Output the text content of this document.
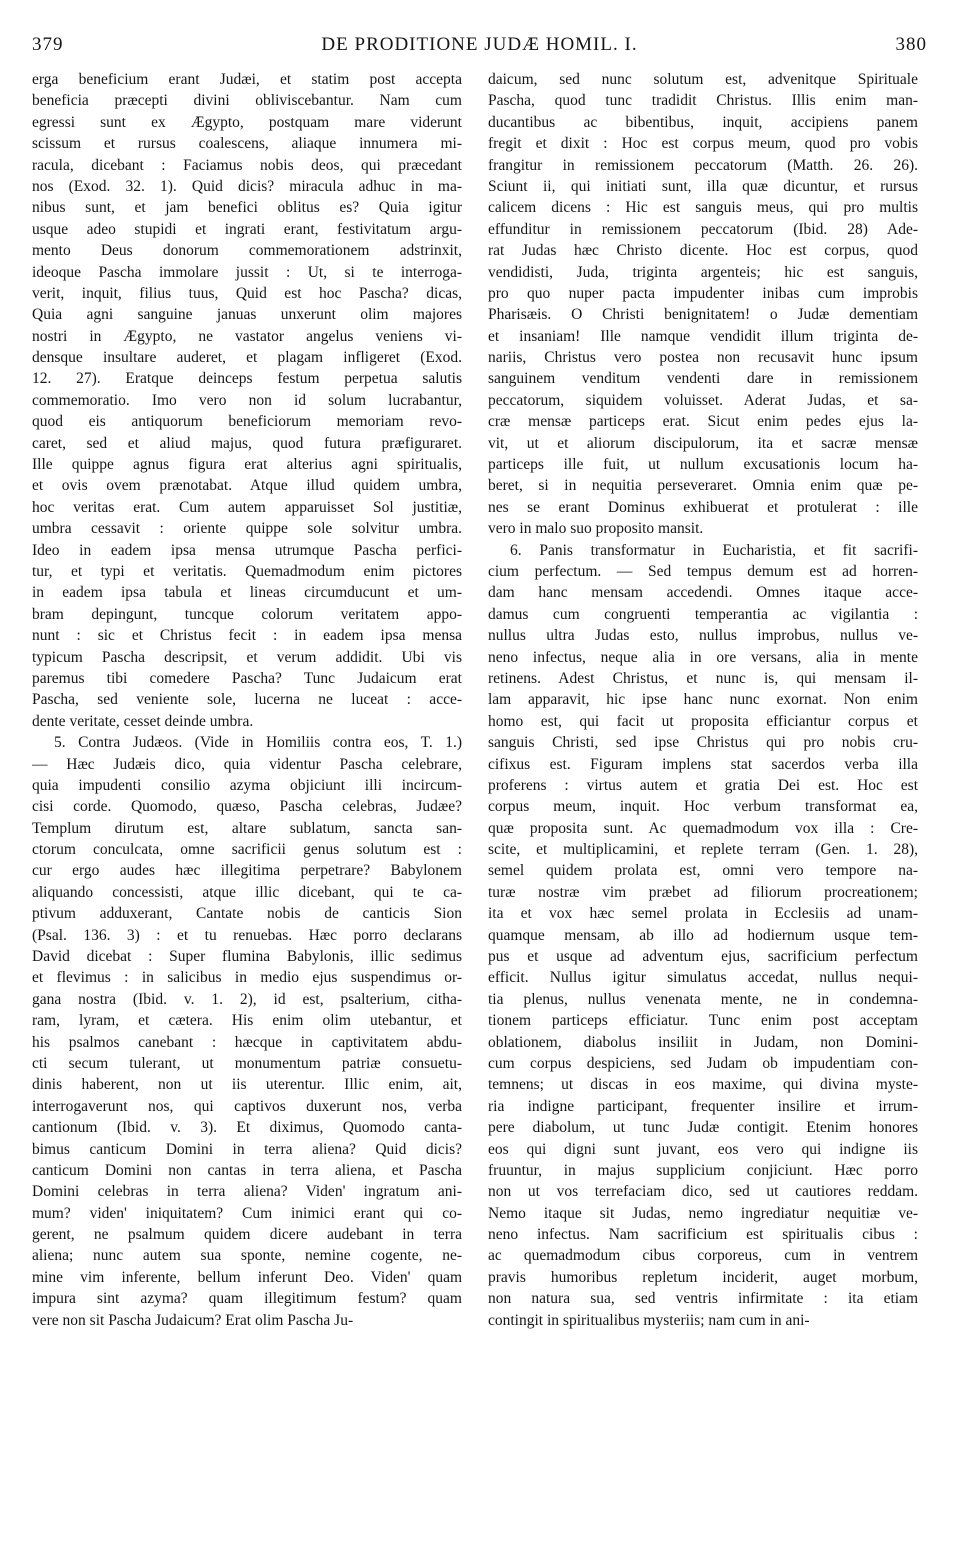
379	DE PRODITIONE JUDÆ HOMIL. I.	380
erga beneficium erant Judæi, et statim post accepta
beneficia præcepti divini obliviscebantur. Nam cum
egressi sunt ex Ægypto, postquam mare viderunt
scissum et rursus coalescens, aliaque innumera mi-
racula, dicebant : Faciamus nobis deos, qui præcedant
nos (Exod. 32. 1). Quid dicis? miracula adhuc in ma-
nibus sunt, et jam benefici oblitus es? Quia igitur
usque adeo stupidi et ingrati erant, festivitatum argu-
mento Deus donorum commemorationem adstrinxit,
ideoque Pascha immolare jussit : Ut, si te interroga-
verit, inquit, filius tuus, Quid est hoc Pascha? dicas,
Quia agni sanguine januas unxerunt olim majores
nostri in Ægypto, ne vastator angelus veniens vi-
densque insultare auderet, et plagam infligeret (Exod.
12. 27). Eratque deinceps festum perpetua salutis
commemoratio. Imo vero non id solum lucrabantur,
quod eis antiquorum beneficiorum memoriam revo-
caret, sed et aliud majus, quod futura præfiguraret.
Ille quippe agnus figura erat alterius agni spiritualis,
et ovis ovem prænotabat. Atque illud quidem umbra,
hoc veritas erat. Cum autem apparuisset Sol justitiæ,
umbra cessavit : oriente quippe sole solvitur umbra.
Ideo in eadem ipsa mensa utrumque Pascha perfici-
tur, et typi et veritatis. Quemadmodum enim pictores
in eadem ipsa tabula et lineas circumducunt et um-
bram depingunt, tuncque colorum veritatem appo-
nunt : sic et Christus fecit : in eadem ipsa mensa
typicum Pascha descripsit, et verum addidit. Ubi vis
paremus tibi comedere Pascha? Tunc Judaicum erat
Pascha, sed veniente sole, lucerna ne luceat : acce-
dente veritate, cesset deinde umbra.
5. Contra Judæos. (Vide in Homiliis contra eos, T. 1.)
— Hæc Judæis dico, quia videntur Pascha celebrare,
quia impudenti consilio azyma objiciunt illi incircum-
cisi corde. Quomodo, quæso, Pascha celebras, Judæe?
Templum dirutum est, altare sublatum, sancta san-
ctorum conculcata, omne sacrificii genus solutum est :
cur ergo audes hæc illegitima perpetrare? Babylonem
aliquando concessisti, atque illic dicebant, qui te ca-
ptivum adduxerant, Cantate nobis de canticis Sion
(Psal. 136. 3) : et tu renuebas. Hæc porro declarans
David dicebat : Super flumina Babylonis, illic sedimus
et flevimus : in salicibus in medio ejus suspendimus or-
gana nostra (Ibid. v. 1. 2), id est, psalterium, citha-
ram, lyram, et cætera. His enim olim utebantur, et
his psalmos canebant : hæcque in captivitatem abdu-
cti secum tulerant, ut monumentum patriæ consuetu-
dinis haberent, non ut iis uterentur. Illic enim, ait,
interrogaverunt nos, qui captivos duxerunt nos, verba
cantionum (Ibid. v. 3). Et diximus, Quomodo canta-
bimus canticum Domini in terra aliena? Quid dicis?
canticum Domini non cantas in terra aliena, et Pascha
Domini celebras in terra aliena? Viden' ingratum ani-
mum? viden' iniquitatem? Cum inimici erant qui co-
gerent, ne psalmum quidem dicere audebant in terra
aliena; nunc autem sua sponte, nemine cogente, ne-
mine vim inferente, bellum inferunt Deo. Viden' quam
impura sint azyma? quam illegitimum festum? quam
vere non sit Pascha Judaicum? Erat olim Pascha Ju-
daicum, sed nunc solutum est, advenitque Spirituale
Pascha, quod tunc tradidit Christus. Illis enim man-
ducantibus ac bibentibus, inquit, accipiens panem
fregit et dixit : Hoc est corpus meum, quod pro vobis
frangitur in remissionem peccatorum (Matth. 26. 26).
Sciunt ii, qui initiati sunt, illa quæ dicuntur, et rursus
calicem dicens : Hic est sanguis meus, qui pro multis
effunditur in remissionem peccatorum (Ibid. 28) Ade-
rat Judas hæc Christo dicente. Hoc est corpus, quod
vendidisti, Juda, triginta argenteis; hic est sanguis,
pro quo nuper pacta impudenter inibas cum improbis
Pharisæis. O Christi benignitatem! o Judæ dementiam
et insaniam! Ille namque vendidit illum triginta de-
nariis, Christus vero postea non recusavit hunc ipsum
sanguinem venditum vendenti dare in remissionem
peccatorum, siquidem voluisset. Aderat Judas, et sa-
cræ mensæ particeps erat. Sicut enim pedes ejus la-
vit, ut et aliorum discipulorum, ita et sacræ mensæ
particeps ille fuit, ut nullum excusationis locum ha-
beret, si in nequitia perseveraret. Omnia enim quæ pe-
nes se erant Dominus exhibuerat et protulerat : ille
vero in malo suo proposito mansit.
6. Panis transformatur in Eucharistia, et fit sacrifi-
cium perfectum. — Sed tempus demum est ad horren-
dam hanc mensam accedendi. Omnes itaque acce-
damus cum congruenti temperantia ac vigilantia :
nullus ultra Judas esto, nullus improbus, nullus ve-
neno infectus, neque alia in ore versans, alia in mente
retinens. Adest Christus, et nunc is, qui mensam il-
lam apparavit, hic ipse hanc nunc exornat. Non enim
homo est, qui facit ut proposita efficiantur corpus et
sanguis Christi, sed ipse Christus qui pro nobis cru-
cifixus est. Figuram implens stat sacerdos verba illa
proferens : virtus autem et gratia Dei est. Hoc est
corpus meum, inquit. Hoc verbum transformat ea,
quæ proposita sunt. Ac quemadmodum vox illa : Cre-
scite, et multiplicamini, et replete terram (Gen. 1. 28),
semel quidem prolata est, omni vero tempore na-
turæ nostræ vim præbet ad filiorum procreationem;
ita et vox hæc semel prolata in Ecclesiis ad unam-
quamque mensam, ab illo ad hodiernum usque tem-
pus et usque ad adventum ejus, sacrificium perfectum
efficit. Nullus igitur simulatus accedat, nullus nequi-
tia plenus, nullus venenata mente, ne in condemna-
tionem particeps efficiatur. Tunc enim post acceptam
oblationem, diabolus insiliit in Judam, non Domini-
cum corpus despiciens, sed Judam ob impudentiam con-
temnens; ut discas in eos maxime, qui divina myste-
ria indigne participant, frequenter insilire et irrum-
pere diabolum, ut tunc Judæ contigit. Etenim honores
eos qui digni sunt juvant, eos vero qui indigne iis
fruuntur, in majus supplicium conjiciunt. Hæc porro
non ut vos terrefaciam dico, sed ut cautiores reddam.
Nemo itaque sit Judas, nemo ingrediatur nequitiæ ve-
neno infectus. Nam sacrificium est spiritualis cibus :
ac quemadmodum cibus corporeus, cum in ventrem
pravis humoribus repletum inciderit, auget morbum,
non natura sua, sed ventris infirmitate : ita etiam
contingit in spiritualibus mysteriis; nam cum in ani-
